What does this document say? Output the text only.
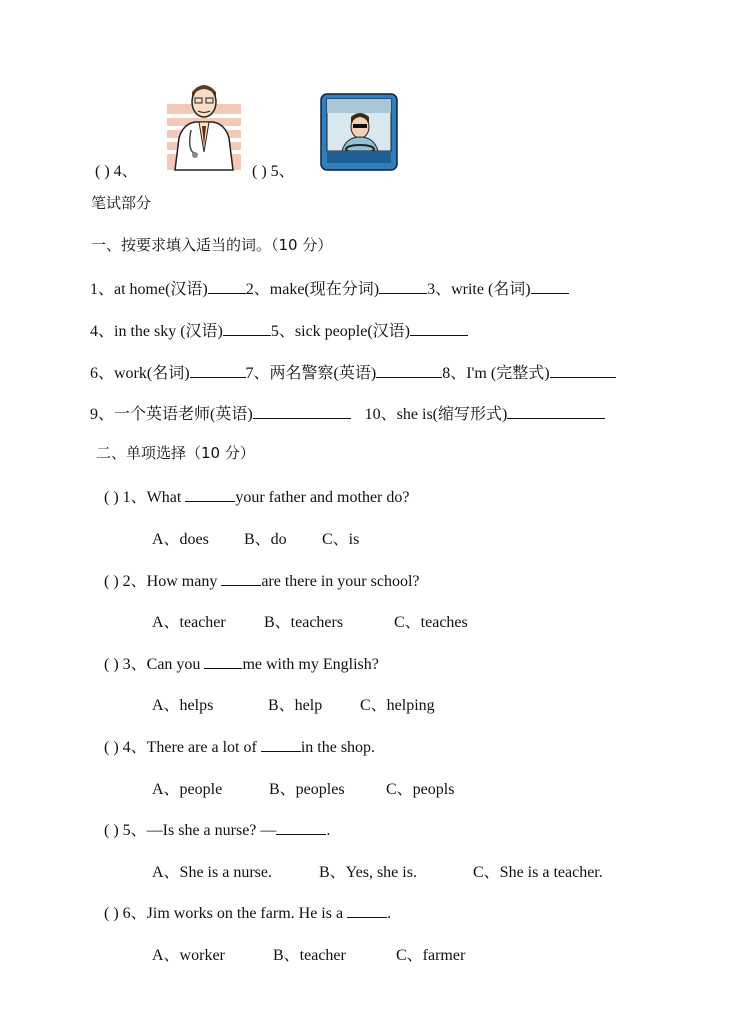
( ) 4、	( ) 5、
笔试部分
一、按要求填入适当的词。（10 分）
1、at home(汉语) 2、make(现在分词)	3、write (名词)
4、in the sky (汉语)	5、sick people(汉语)
6、work(名词)	7、两名警察(英语)	8、I'm (完整式)
9、一个英语老师(英语)	10、she is(缩写形式)
二、单项选择（10 分）
( ) 1、What	your father and mother do?
A、does B、do C、is
( ) 2、How many	are there in your school?
A、teacher B、teachers	C、teaches
( ) 3、Can you me with my English?
A、helps	B、help C、helping
( ) 4、There are a lot of	in the shop.
A、people	B、peoples	C、peopls
( ) 5、—Is she a nurse? —	.
A、She is a nurse.	B、Yes, she is.	C、She is a teacher.
( ) 6、Jim works on the farm. He is a	.
A、worker	B、teacher	C、farmer
